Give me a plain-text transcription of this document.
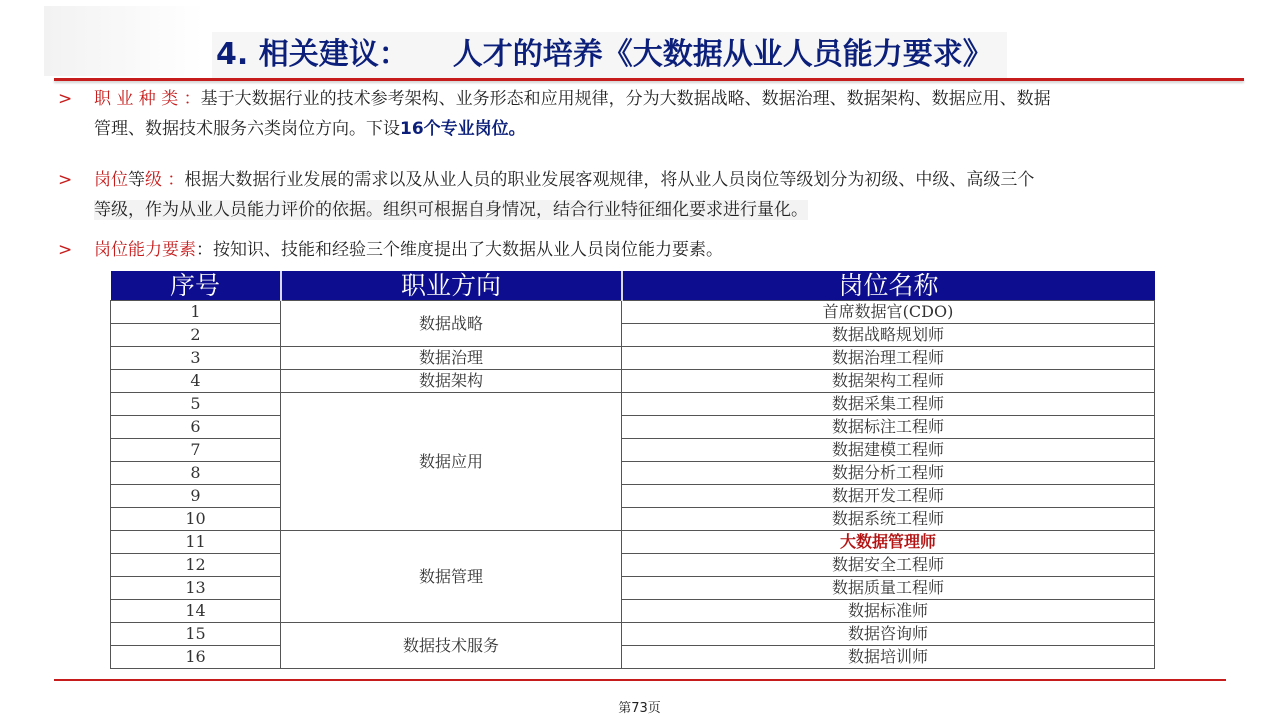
4. 相关建议： 人才的培养《大数据从业人员能力要求》
> 职 业 种 类 ：基于大数据行业的技术参考架构、业务形态和应用规律，分为大数据战略、数据治理、数据架构、数据应用、数据
管理、数据技术服务六类岗位方向。下设16个专业岗位。
> 岗位等级 ：根据大数据行业发展的需求以及从业人员的职业发展客观规律，将从业人员岗位等级划分为初级、中级、高级三个
等级，作为从业人员能力评价的依据。组织可根据自身情况，结合行业特征细化要求进行量化。
> 岗位能力要素：按知识、技能和经验三个维度提出了大数据从业人员岗位能力要素。
序号	职业方向	岗位名称
1	数据战略	首席数据官(CDO)
2		数据战略规划师
3	数据治理	数据治理工程师
4	数据架构	数据架构工程师
5	数据应用	数据采集工程师
6		数据标注工程师
7		数据建模工程师
8		数据分析工程师
9		数据开发工程师
10		数据系统工程师
11	数据管理	大数据管理师
12		数据安全工程师
13		数据质量工程师
14		数据标准师
15	数据技术服务	数据咨询师
16		数据培训师
第73页
